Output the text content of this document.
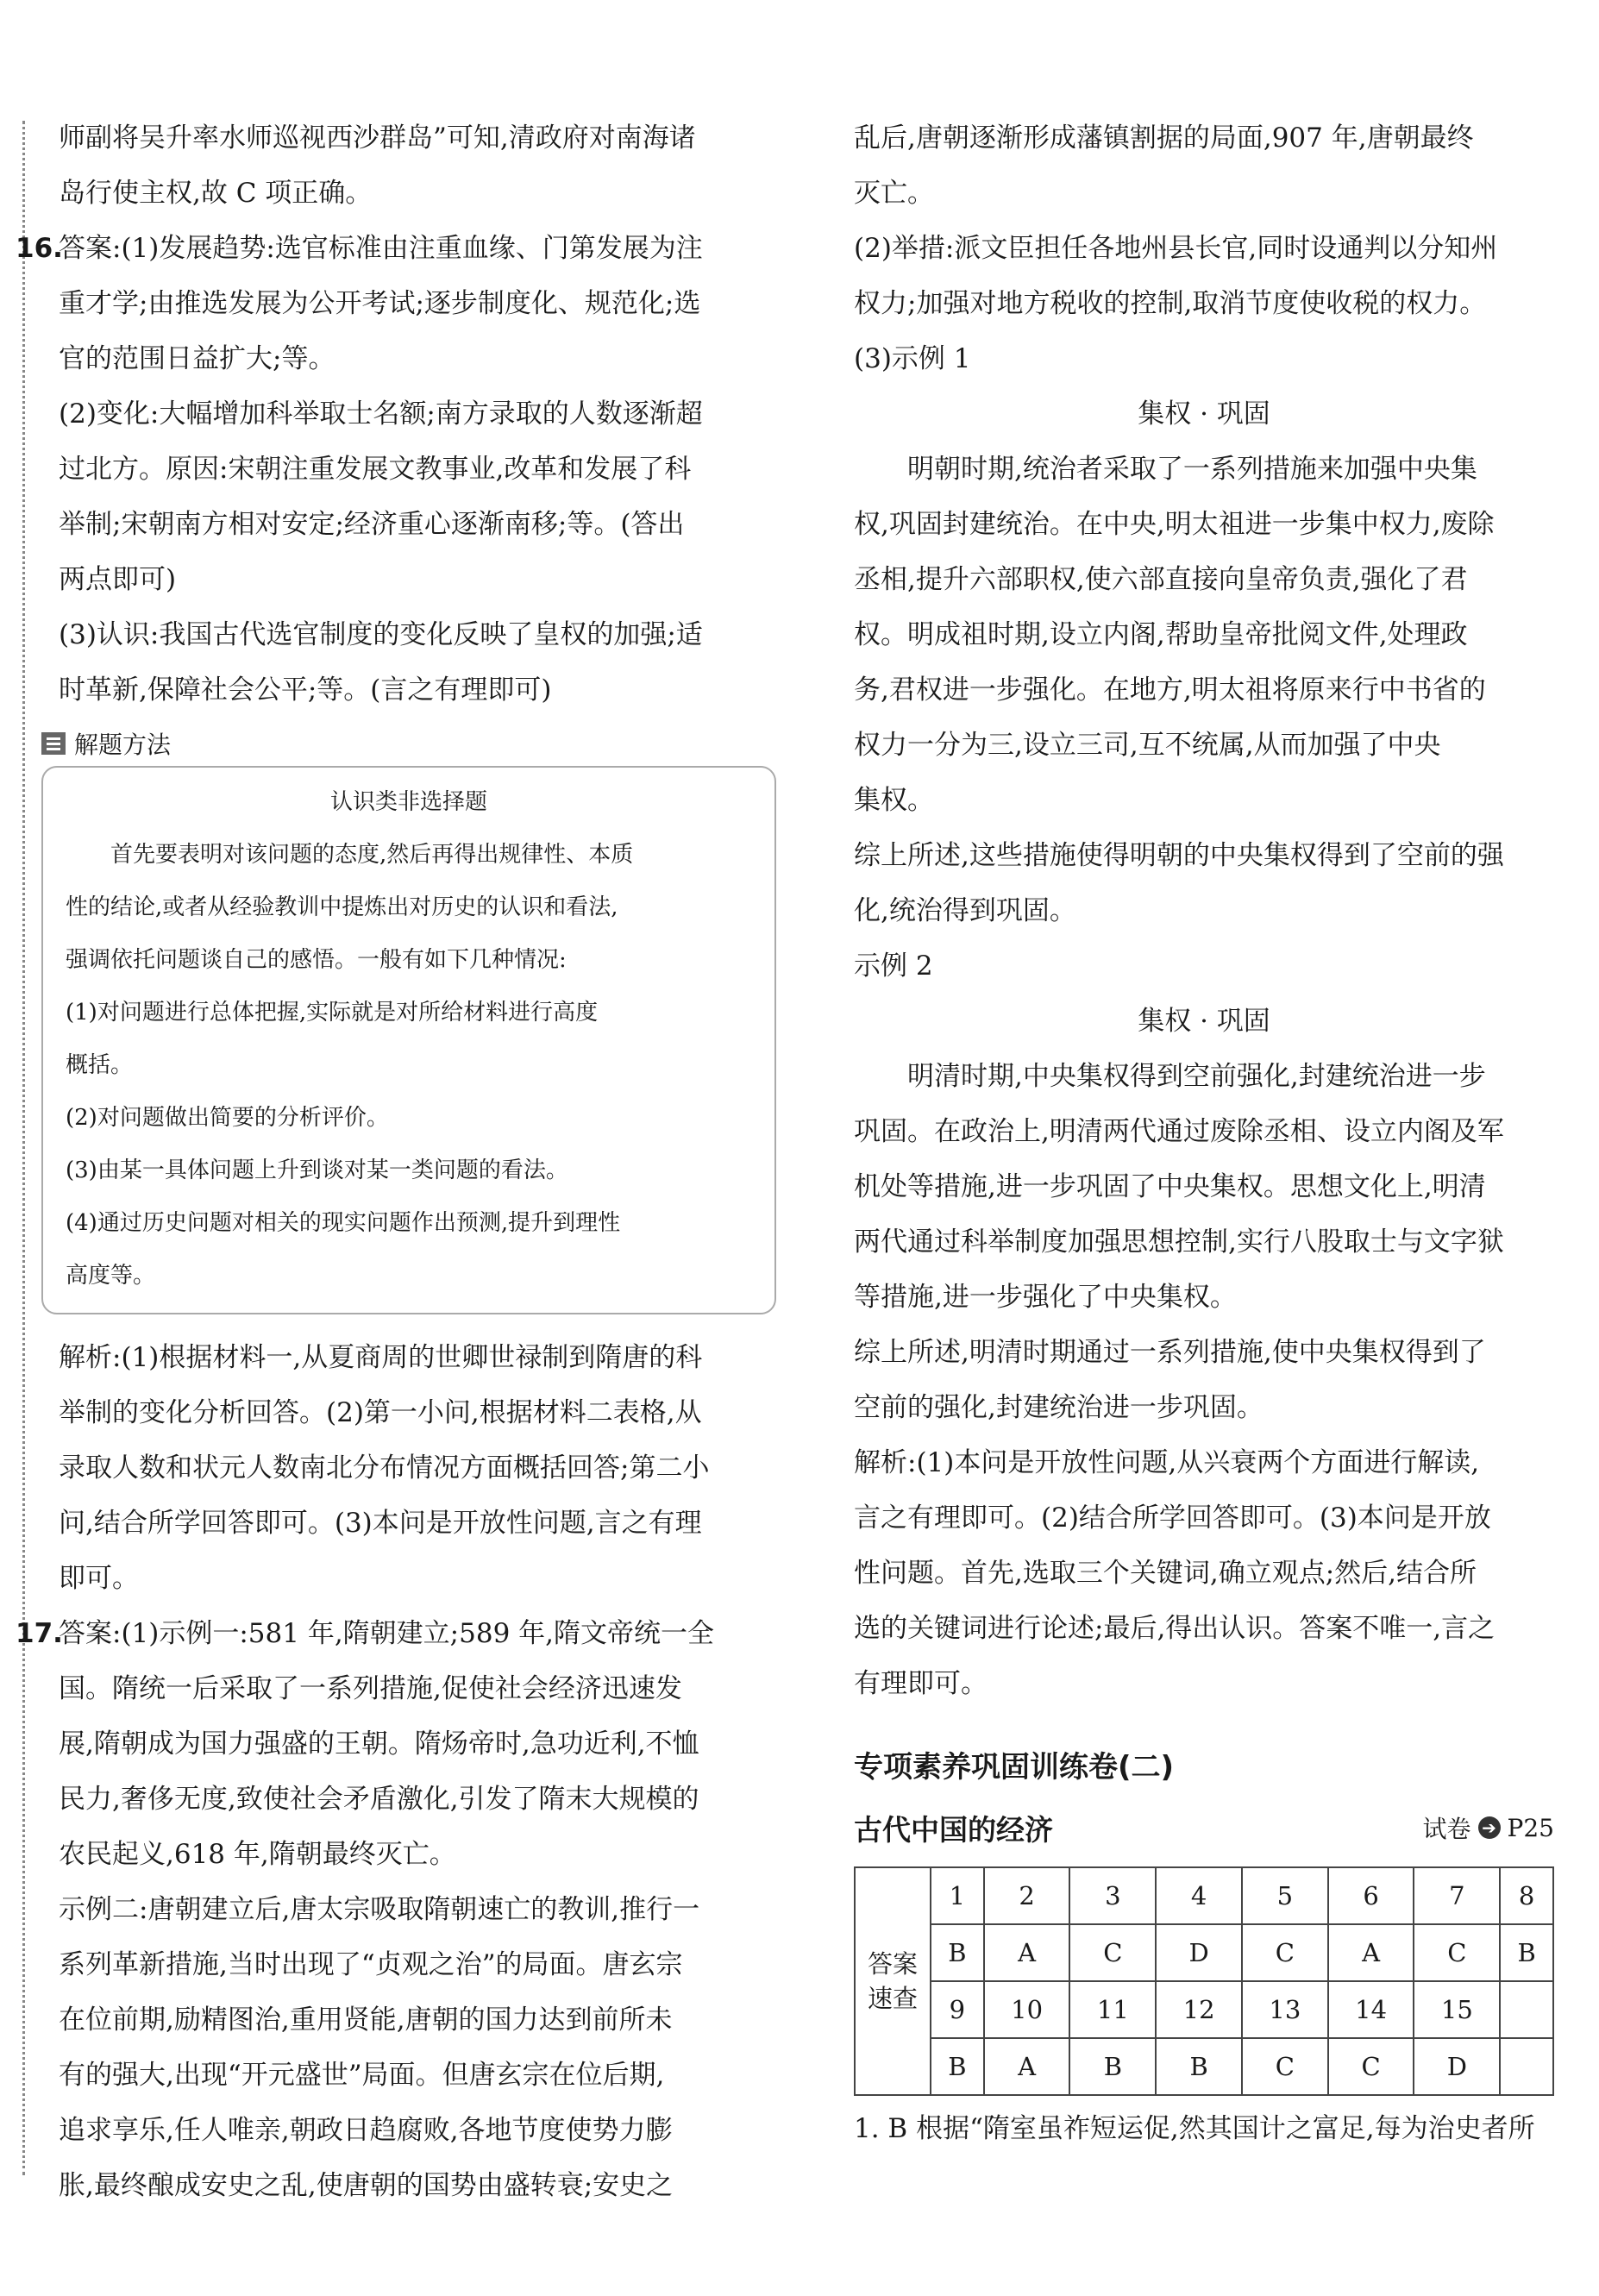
师副将吴升率水师巡视西沙群岛”可知,清政府对南海诸

岛行使主权,故 C 项正确。

16.

答案:(1)发展趋势:选官标准由注重血缘、门第发展为注

重才学;由推选发展为公开考试;逐步制度化、规范化;选

官的范围日益扩大;等。

(2)变化:大幅增加科举取士名额;南方录取的人数逐渐超

过北方。原因:宋朝注重发展文教事业,改革和发展了科

举制;宋朝南方相对安定;经济重心逐渐南移;等。(答出

两点即可)

(3)认识:我国古代选官制度的变化反映了皇权的加强;适

时革新,保障社会公平;等。(言之有理即可)

解题方法

认识类非选择题

首先要表明对该问题的态度,然后再得出规律性、本质

性的结论,或者从经验教训中提炼出对历史的认识和看法,

强调依托问题谈自己的感悟。一般有如下几种情况:

(1)对问题进行总体把握,实际就是对所给材料进行高度

概括。

(2)对问题做出简要的分析评价。

(3)由某一具体问题上升到谈对某一类问题的看法。

(4)通过历史问题对相关的现实问题作出预测,提升到理性

高度等。

解析:(1)根据材料一,从夏商周的世卿世禄制到隋唐的科

举制的变化分析回答。(2)第一小问,根据材料二表格,从

录取人数和状元人数南北分布情况方面概括回答;第二小

问,结合所学回答即可。(3)本问是开放性问题,言之有理

即可。

17.

答案:(1)示例一:581 年,隋朝建立;589 年,隋文帝统一全

国。隋统一后采取了一系列措施,促使社会经济迅速发

展,隋朝成为国力强盛的王朝。隋炀帝时,急功近利,不恤

民力,奢侈无度,致使社会矛盾激化,引发了隋末大规模的

农民起义,618 年,隋朝最终灭亡。

示例二:唐朝建立后,唐太宗吸取隋朝速亡的教训,推行一

系列革新措施,当时出现了“贞观之治”的局面。唐玄宗

在位前期,励精图治,重用贤能,唐朝的国力达到前所未

有的强大,出现“开元盛世”局面。但唐玄宗在位后期,

追求享乐,任人唯亲,朝政日趋腐败,各地节度使势力膨

胀,最终酿成安史之乱,使唐朝的国势由盛转衰;安史之

乱后,唐朝逐渐形成藩镇割据的局面,907 年,唐朝最终

灭亡。

(2)举措:派文臣担任各地州县长官,同时设通判以分知州

权力;加强对地方税收的控制,取消节度使收税的权力。

(3)示例 1

集权 · 巩固

明朝时期,统治者采取了一系列措施来加强中央集

权,巩固封建统治。在中央,明太祖进一步集中权力,废除

丞相,提升六部职权,使六部直接向皇帝负责,强化了君

权。明成祖时期,设立内阁,帮助皇帝批阅文件,处理政

务,君权进一步强化。在地方,明太祖将原来行中书省的

权力一分为三,设立三司,互不统属,从而加强了中央

集权。

综上所述,这些措施使得明朝的中央集权得到了空前的强

化,统治得到巩固。

示例 2

集权 · 巩固

明清时期,中央集权得到空前强化,封建统治进一步

巩固。在政治上,明清两代通过废除丞相、设立内阁及军

机处等措施,进一步巩固了中央集权。思想文化上,明清

两代通过科举制度加强思想控制,实行八股取士与文字狱

等措施,进一步强化了中央集权。

综上所述,明清时期通过一系列措施,使中央集权得到了

空前的强化,封建统治进一步巩固。

解析:(1)本问是开放性问题,从兴衰两个方面进行解读,

言之有理即可。(2)结合所学回答即可。(3)本问是开放

性问题。首先,选取三个关键词,确立观点;然后,结合所

选的关键词进行论述;最后,得出认识。答案不唯一,言之

有理即可。

专项素养巩固训练卷(二)
古代中国的经济	试卷 ➔ P25
答案速查	1	2	3	4	5	6	7	8
	B	A	C	D	C	A	C	B
	9	10	11	12	13	14	15	
	B	A	B	B	C	C	D	

1. B 根据“隋室虽祚短运促,然其国计之富足,每为治史者所
